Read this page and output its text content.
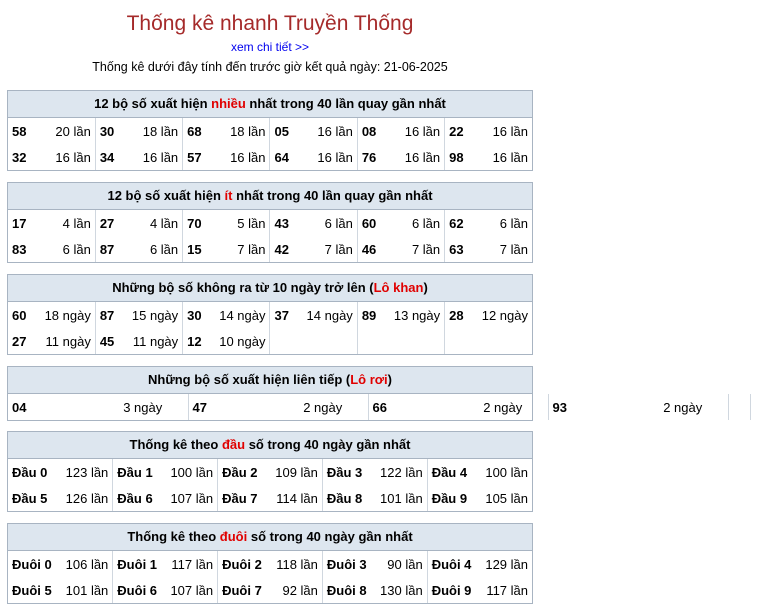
Thống kê nhanh Truyền Thống
xem chi tiết >>
Thống kê dưới đây tính đến trước giờ kết quả ngày: 21-06-2025
12 bộ số xuất hiện nhiều nhất trong 40 lần quay gần nhất
58 20 lần	30 18 lần	68 18 lần	05 16 lần	08 16 lần	22 16 lần

32 16 lần	34 16 lần	57 16 lần	64 16 lần	76 16 lần	98 16 lần
12 bộ số xuất hiện ít nhất trong 40 lần quay gần nhất
17 4 lần	27 4 lần	70 5 lần	43 6 lần	60 6 lần	62 6 lần

83 6 lần	87 6 lần	15 7 lần	42 7 lần	46 7 lần	63 7 lần
Những bộ số không ra từ 10 ngày trở lên (Lô khan)
60 18 ngày	87 15 ngày	30 14 ngày	37 14 ngày	89 13 ngày	28 12 ngày

27 11 ngày	45 11 ngày	12 10 ngày			

Những bộ số xuất hiện liên tiếp (Lô rơi)
04	3 ngày	47	2 ngày	66	2 ngày	93	2 ngày		
Thống kê theo đầu số trong 40 ngày gần nhất
Đầu 0 123 lần	Đầu 1 100 lần	Đầu 2 109 lần	Đầu 3 122 lần	Đầu 4 100 lần

Đầu 5 126 lần	Đầu 6 107 lần	Đầu 7 114 lần	Đầu 8 101 lần	Đầu 9 105 lần
Thống kê theo đuôi số trong 40 ngày gần nhất
Đuôi 0 106 lần	Đuôi 1 117 lần	Đuôi 2 118 lần	Đuôi 3 90 lần	Đuôi 4 129 lần

Đuôi 5 101 lần	Đuôi 6 107 lần	Đuôi 7 92 lần	Đuôi 8 130 lần	Đuôi 9 117 lần
